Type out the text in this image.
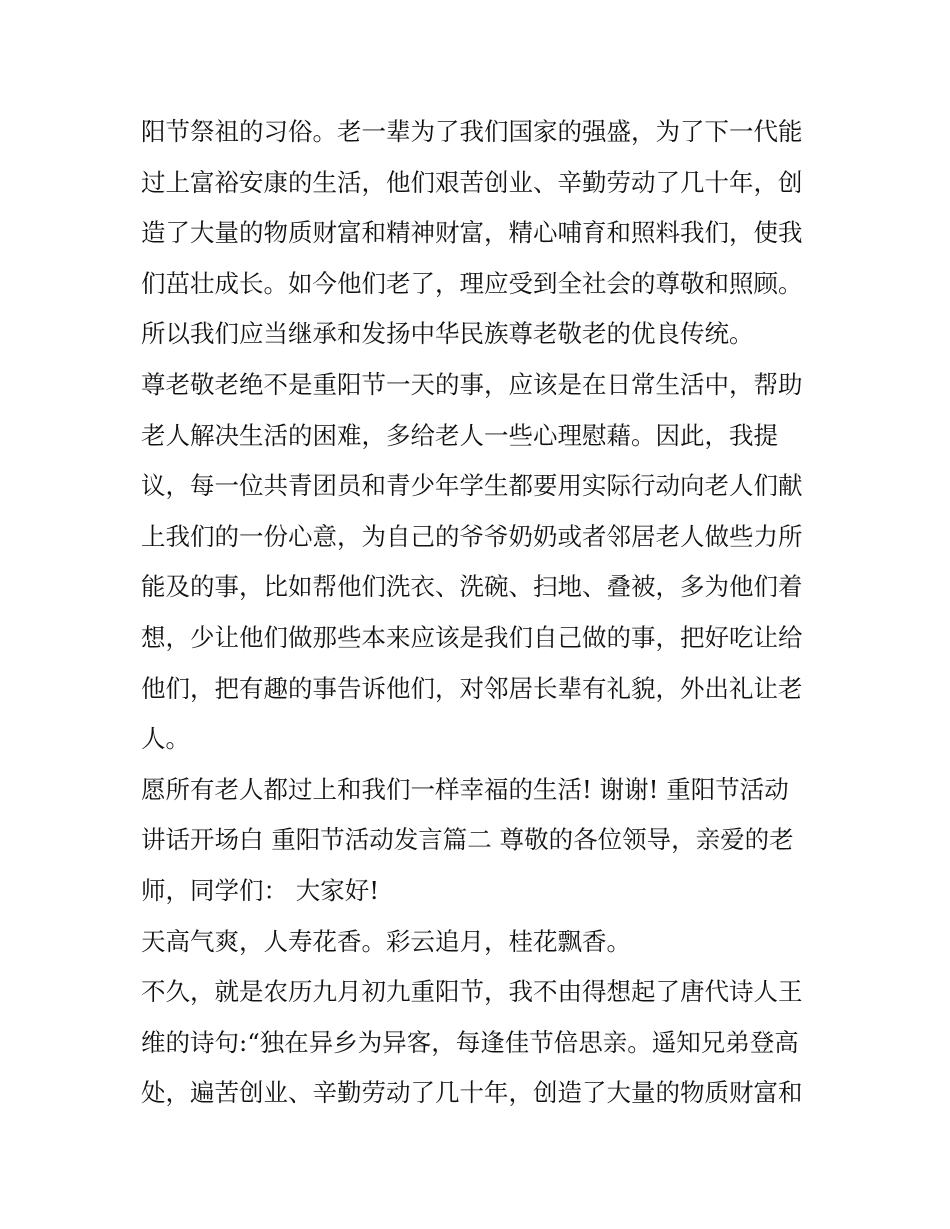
阳节祭祖的习俗。老一辈为了我们国家的强盛，为了下一代能
过上富裕安康的生活，他们艰苦创业、辛勤劳动了几十年，创
造了大量的物质财富和精神财富，精心哺育和照料我们，使我
们茁壮成长。如今他们老了，理应受到全社会的尊敬和照顾。
所以我们应当继承和发扬中华民族尊老敬老的优良传统。
尊老敬老绝不是重阳节一天的事，应该是在日常生活中，帮助
老人解决生活的困难，多给老人一些心理慰藉。因此，我提
议，每一位共青团员和青少年学生都要用实际行动向老人们献
上我们的一份心意，为自己的爷爷奶奶或者邻居老人做些力所
能及的事，比如帮他们洗衣、洗碗、扫地、叠被，多为他们着
想，少让他们做那些本来应该是我们自己做的事，把好吃让给
他们，把有趣的事告诉他们，对邻居长辈有礼貌，外出礼让老
人。
愿所有老人都过上和我们一样幸福的生活! 谢谢! 重阳节活动
讲话开场白 重阳节活动发言篇二 尊敬的各位领导，亲爱的老
师，同学们： 大家好!
天高气爽，人寿花香。彩云追月，桂花飘香。
不久，就是农历九月初九重阳节，我不由得想起了唐代诗人王
维的诗句:“独在异乡为异客，每逢佳节倍思亲。遥知兄弟登高
处，遍苦创业、辛勤劳动了几十年，创造了大量的物质财富和
